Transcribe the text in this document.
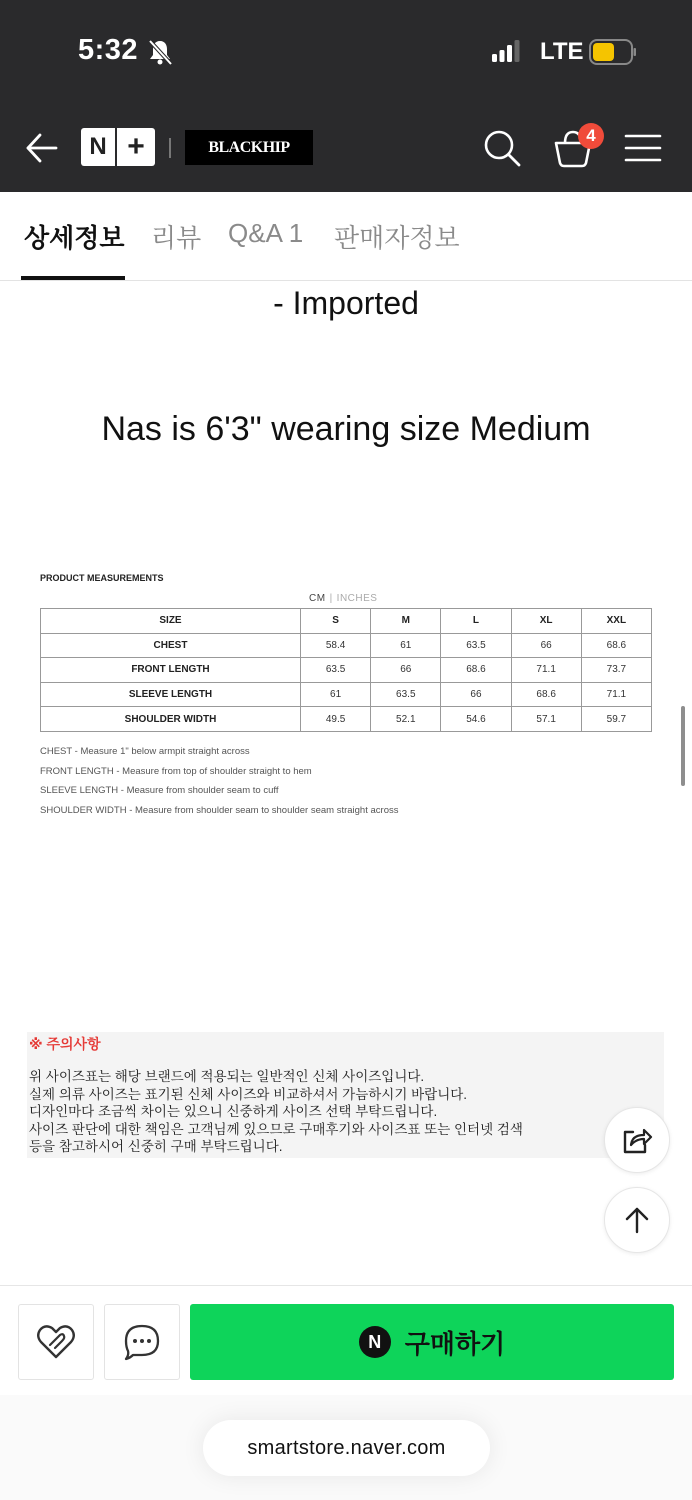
5:32	LTE
N +	BLACKHIP
4
상세정보 리뷰 Q&A 1 판매자정보
- Imported
Nas is 6'3" wearing size Medium
PRODUCT MEASUREMENTS
CM | INCHES
SIZE	S	M	L	XL	XXL
CHEST	58.4	61	63.5	66	68.6
FRONT LENGTH	63.5	66	68.6	71.1	73.7
SLEEVE LENGTH	61	63.5	66	68.6	71.1
SHOULDER WIDTH	49.5	52.1	54.6	57.1	59.7
CHEST - Measure 1" below armpit straight across
FRONT LENGTH - Measure from top of shoulder straight to hem
SLEEVE LENGTH - Measure from shoulder seam to cuff
SHOULDER WIDTH - Measure from shoulder seam to shoulder seam straight across
※ 주의사항
위 사이즈표는 해당 브랜드에 적용되는 일반적인 신체 사이즈입니다.
실제 의류 사이즈는 표기된 신체 사이즈와 비교하셔서 가늠하시기 바랍니다.
디자인마다 조금씩 차이는 있으니 신중하게 사이즈 선택 부탁드립니다.
사이즈 판단에 대한 책임은 고객님께 있으므로 구매후기와 사이즈표 또는 인터넷 검색
등을 참고하시어 신중히 구매 부탁드립니다.
N 구매하기
smartstore.naver.com
